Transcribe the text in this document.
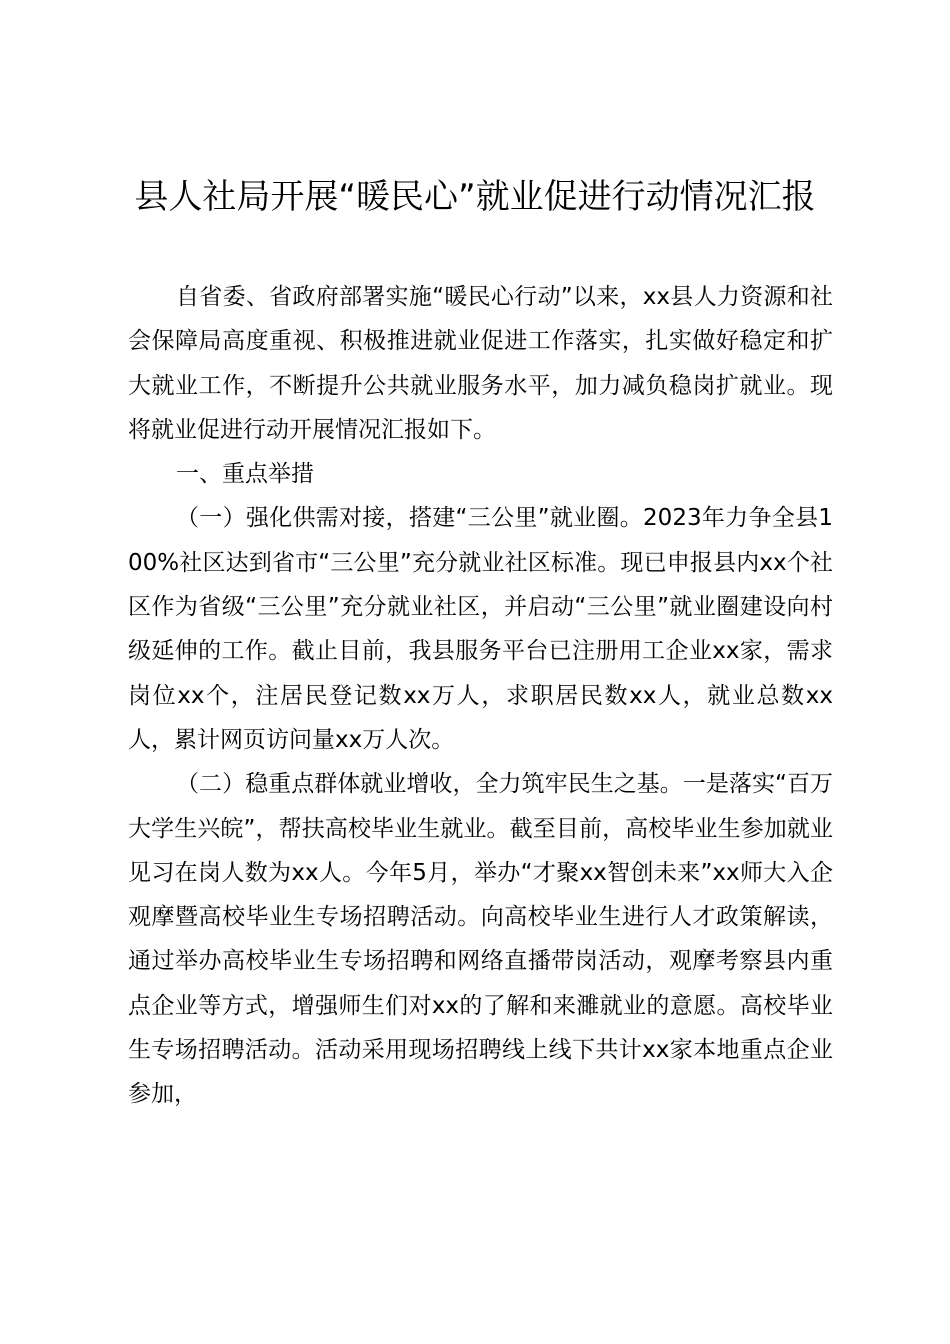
县人社局开展“暖民心”就业促进行动情况汇报

自省委、省政府部署实施“暖民心行动”以来，xx县人力资源和社会保障局高度重视、积极推进就业促进工作落实，扎实做好稳定和扩大就业工作，不断提升公共就业服务水平，加力减负稳岗扩就业。现将就业促进行动开展情况汇报如下。

一、重点举措

（一）强化供需对接，搭建“三公里”就业圈。2023年力争全县100%社区达到省市“三公里”充分就业社区标准。现已申报县内xx个社区作为省级“三公里”充分就业社区，并启动“三公里”就业圈建设向村级延伸的工作。截止目前，我县服务平台已注册用工企业xx家，需求岗位xx个，注居民登记数xx万人，求职居民数xx人，就业总数xx人，累计网页访问量xx万人次。

（二）稳重点群体就业增收，全力筑牢民生之基。一是落实“百万大学生兴皖”，帮扶高校毕业生就业。截至目前，高校毕业生参加就业见习在岗人数为xx人。今年5月，举办“才聚xx智创未来”xx师大入企观摩暨高校毕业生专场招聘活动。向高校毕业生进行人才政策解读，通过举办高校毕业生专场招聘和网络直播带岗活动，观摩考察县内重点企业等方式，增强师生们对xx的了解和来濉就业的意愿。高校毕业生专场招聘活动。活动采用现场招聘线上线下共计xx家本地重点企业参加，
